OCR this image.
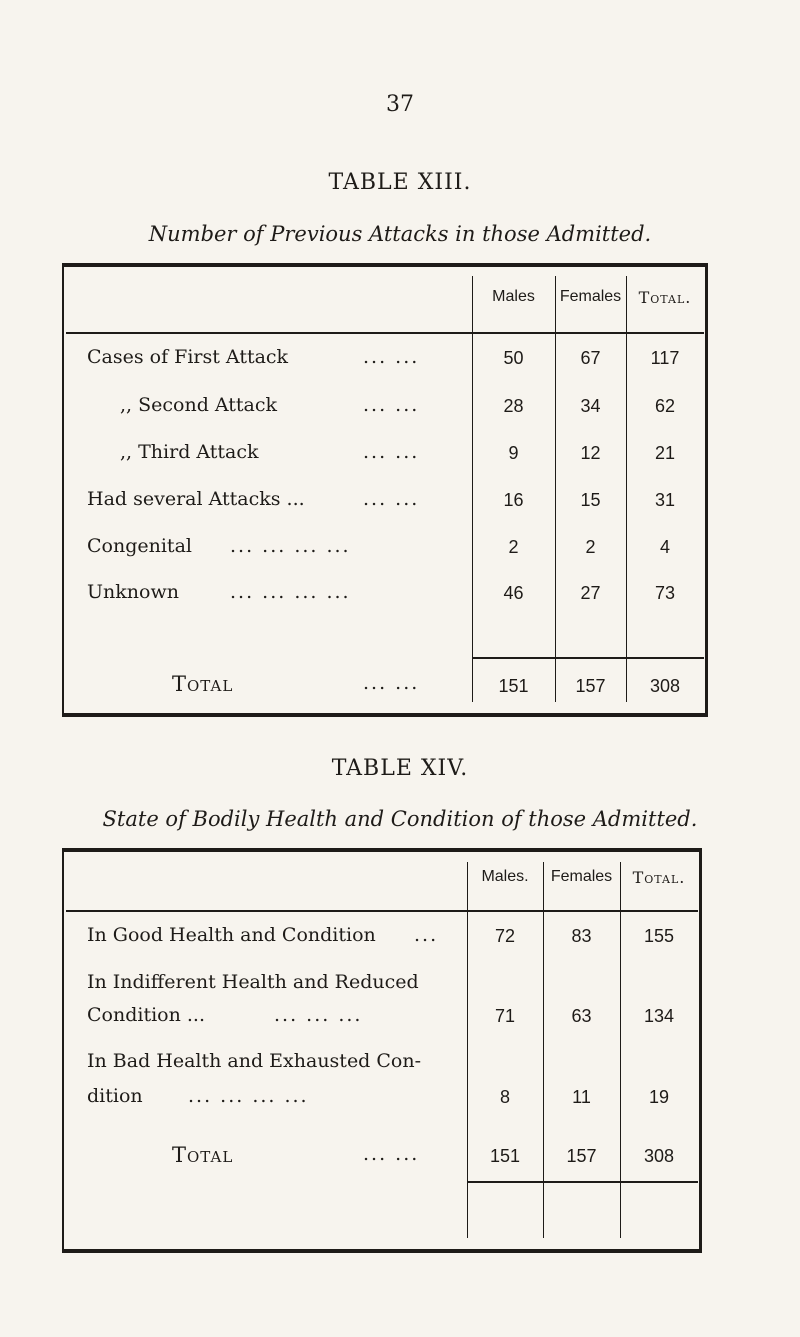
37
TABLE XIII.
Number of Previous Attacks in those Admitted.
Males	Females	Total.
Cases of First Attack	... ...	50	67	117
,, Second Attack	... ...	28	34	62
,, Third Attack	... ...	9	12	21
Had several Attacks ...	... ...	16	15	31
Congenital ... ... ... ...	2	2	4
Unknown	... ... ... ...	46	27	73
Total	... ...	151	157	308
TABLE XIV.
State of Bodily Health and Condition of those Admitted.
Males.	Females	Total.
In Good Health and Condition ...	72	83	155
In Indifferent Health and Reduced
Condition ...	... ... ...	71	63	134
In Bad Health and Exhausted Con-
dition ... ... ... ...	8	11	19
Total	... ...	151	157	308
